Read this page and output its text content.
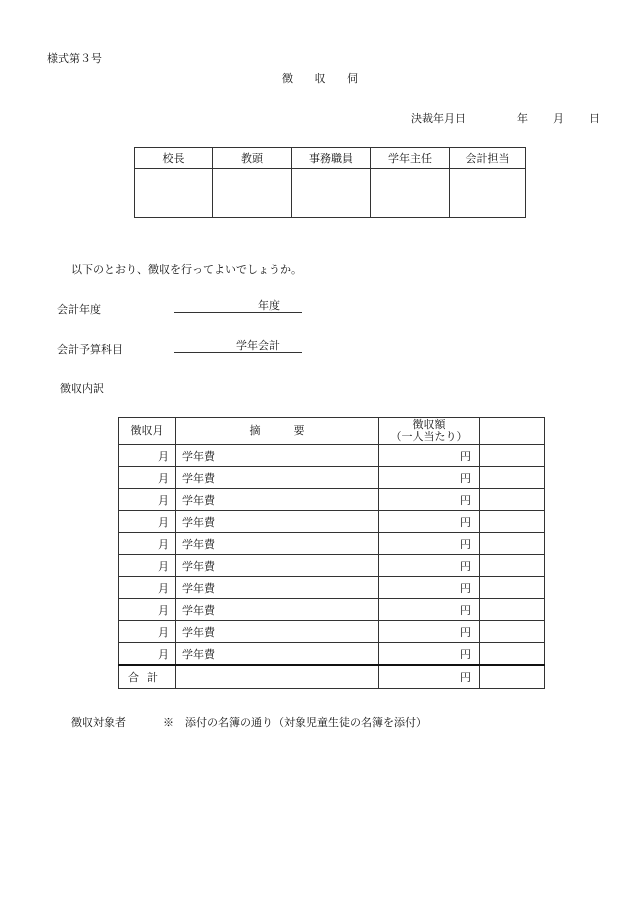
様式第３号
徴 収 伺
決裁年月日	年 月 日
校長	教頭	事務職員	学年主任	会計担当

以下のとおり、徴収を行ってよいでしょうか。
会計年度	年度
会計予算科目	学年会計
徴収内訳
徴収月	摘　　　要	徴収額
（一人当たり）	

月	学年費	円	
月	学年費	円	
月	学年費	円	
月	学年費	円	
月	学年費	円	
月	学年費	円	
月	学年費	円	
月	学年費	円	
月	学年費	円	
月	学年費	円	
合計		円	
徴収対象者	※　添付の名簿の通り（対象児童生徒の名簿を添付）
